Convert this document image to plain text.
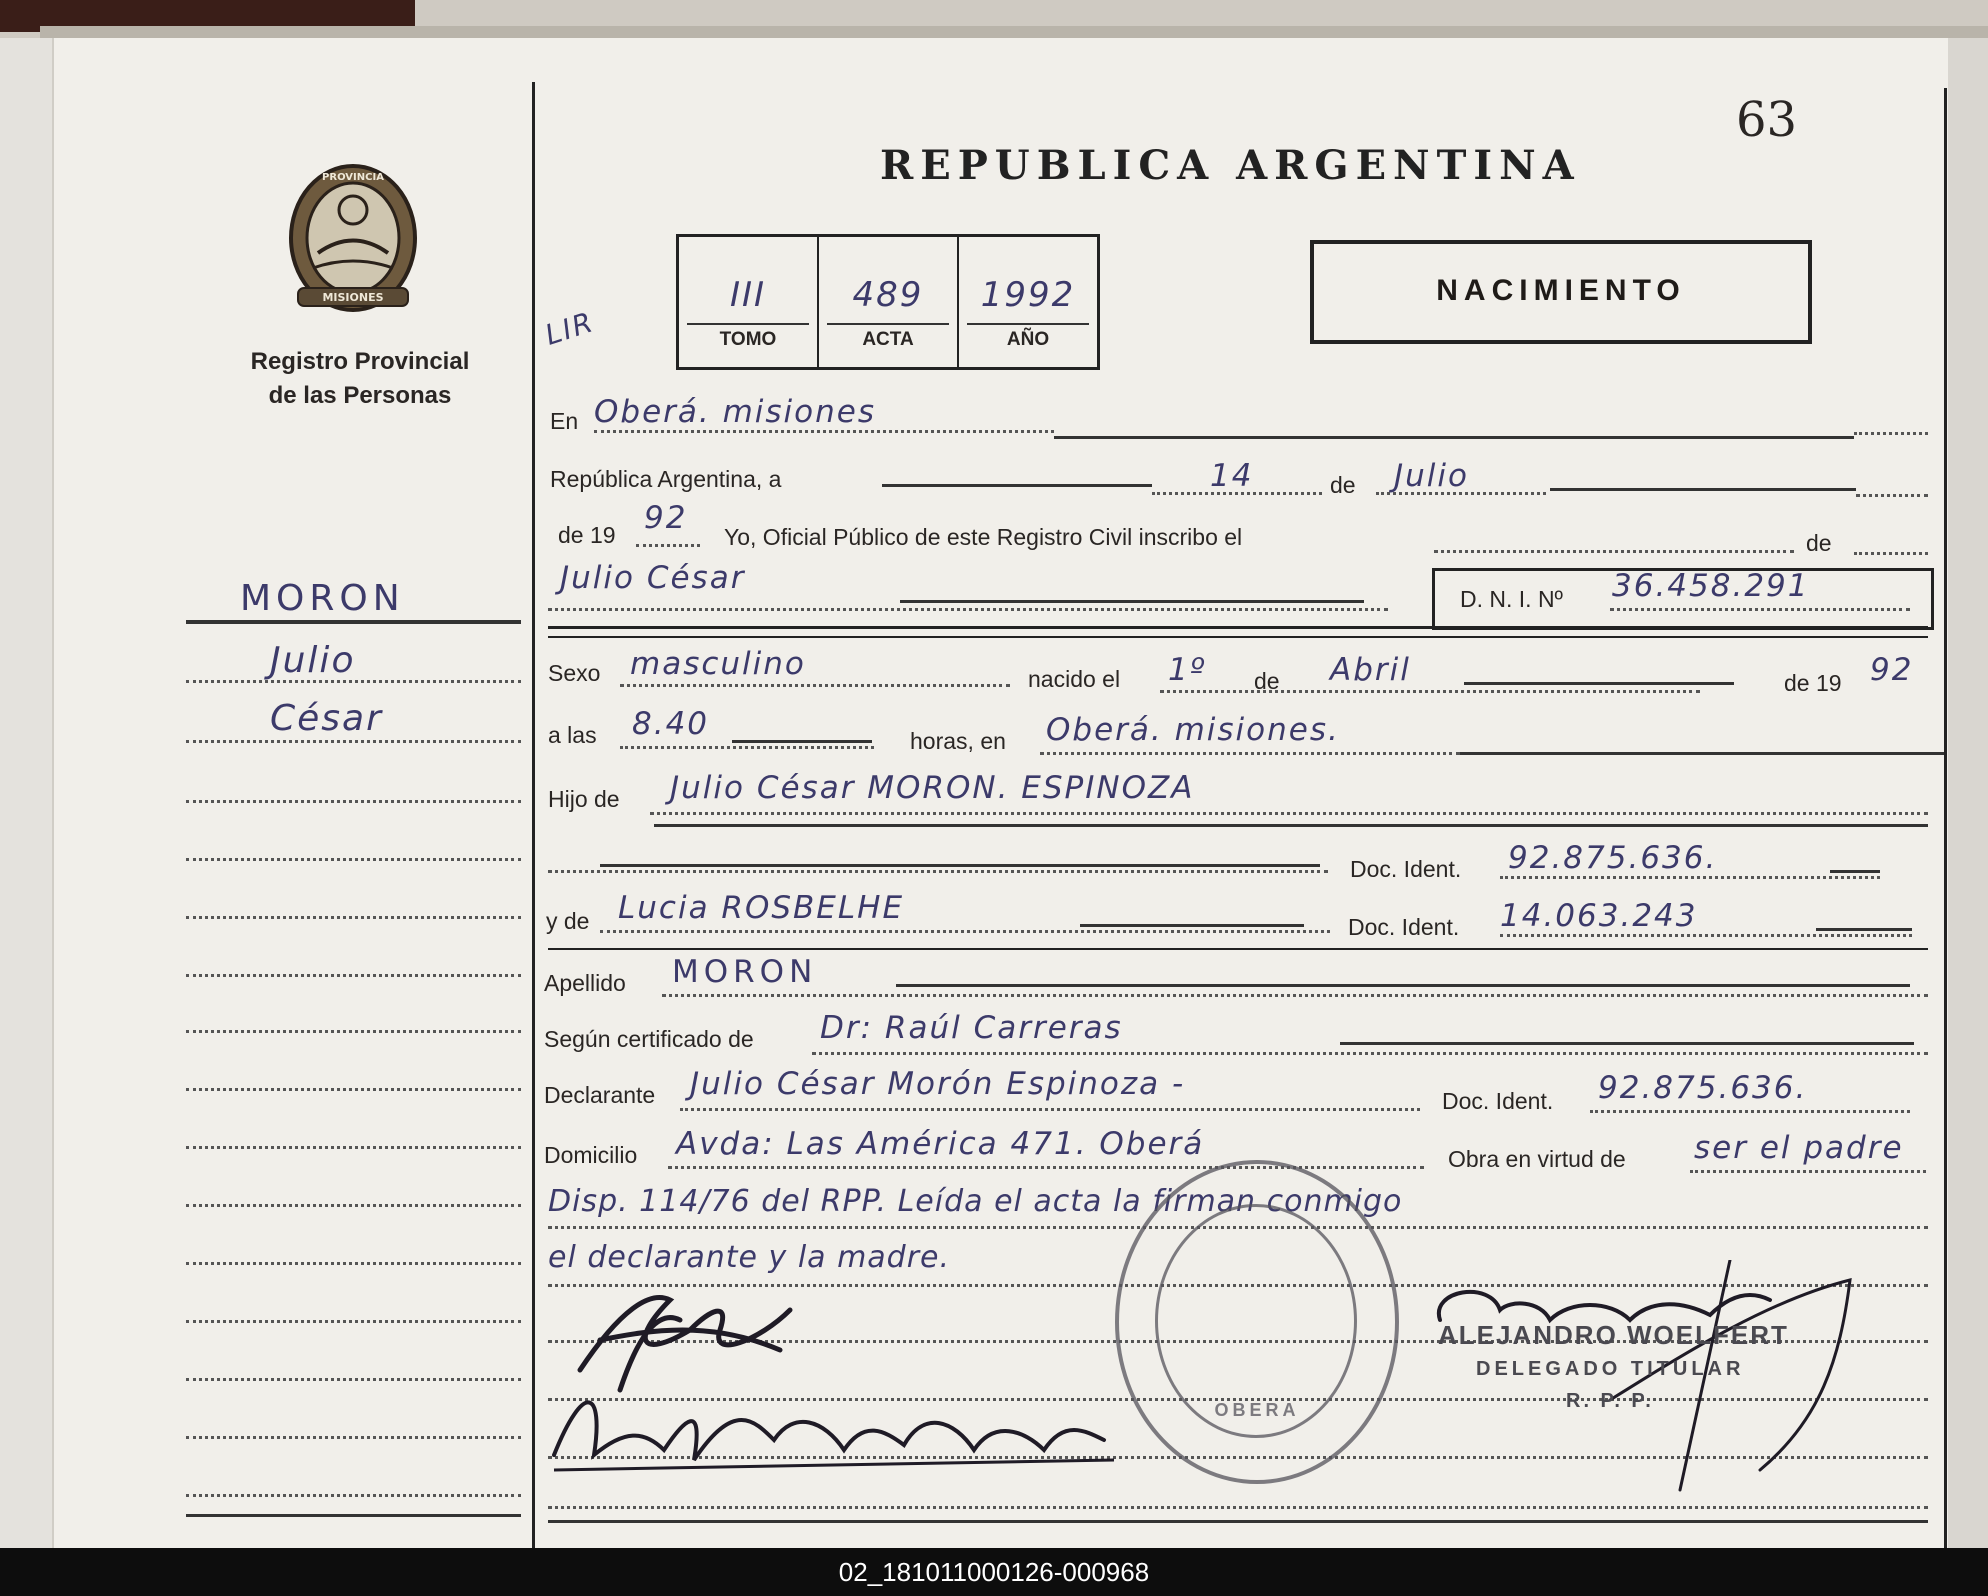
MISIONES
PROVINCIA
Registro Provincial
de las Personas
MORON
Julio
César
63
REPUBLICA ARGENTINA
III
TOMO
489
ACTA
1992
AÑO
LIR
NACIMIENTO
En Oberá. misiones
República Argentina, a	14	de Julio
de 19 92
Yo, Oficial Público de este Registro Civil inscribo el	de
Julio César
D. N. I. Nº 36.458.291
Sexo masculino	nacido el 1º de Abril	de 19 92
a las 8.40	horas, en Oberá. misiones.
Hijo de Julio César MORON. ESPINOZA
Doc. Ident. 92.875.636.
y de Lucia ROSBELHE
Doc. Ident. 14.063.243
Apellido MORON
Según certificado de Dr: Raúl Carreras
Declarante Julio César Morón Espinoza -	Doc. Ident. 92.875.636.
Domicilio Avda: Las América 471. Oberá	Obra en virtud de ser el padre
Disp. 114/76 del RPP. Leída el acta la firman conmigo
el declarante y la madre.
OBERA
ALEJANDRO WOELFERT
DELEGADO TITULAR
R. P. P.
02_181011000126-000968
